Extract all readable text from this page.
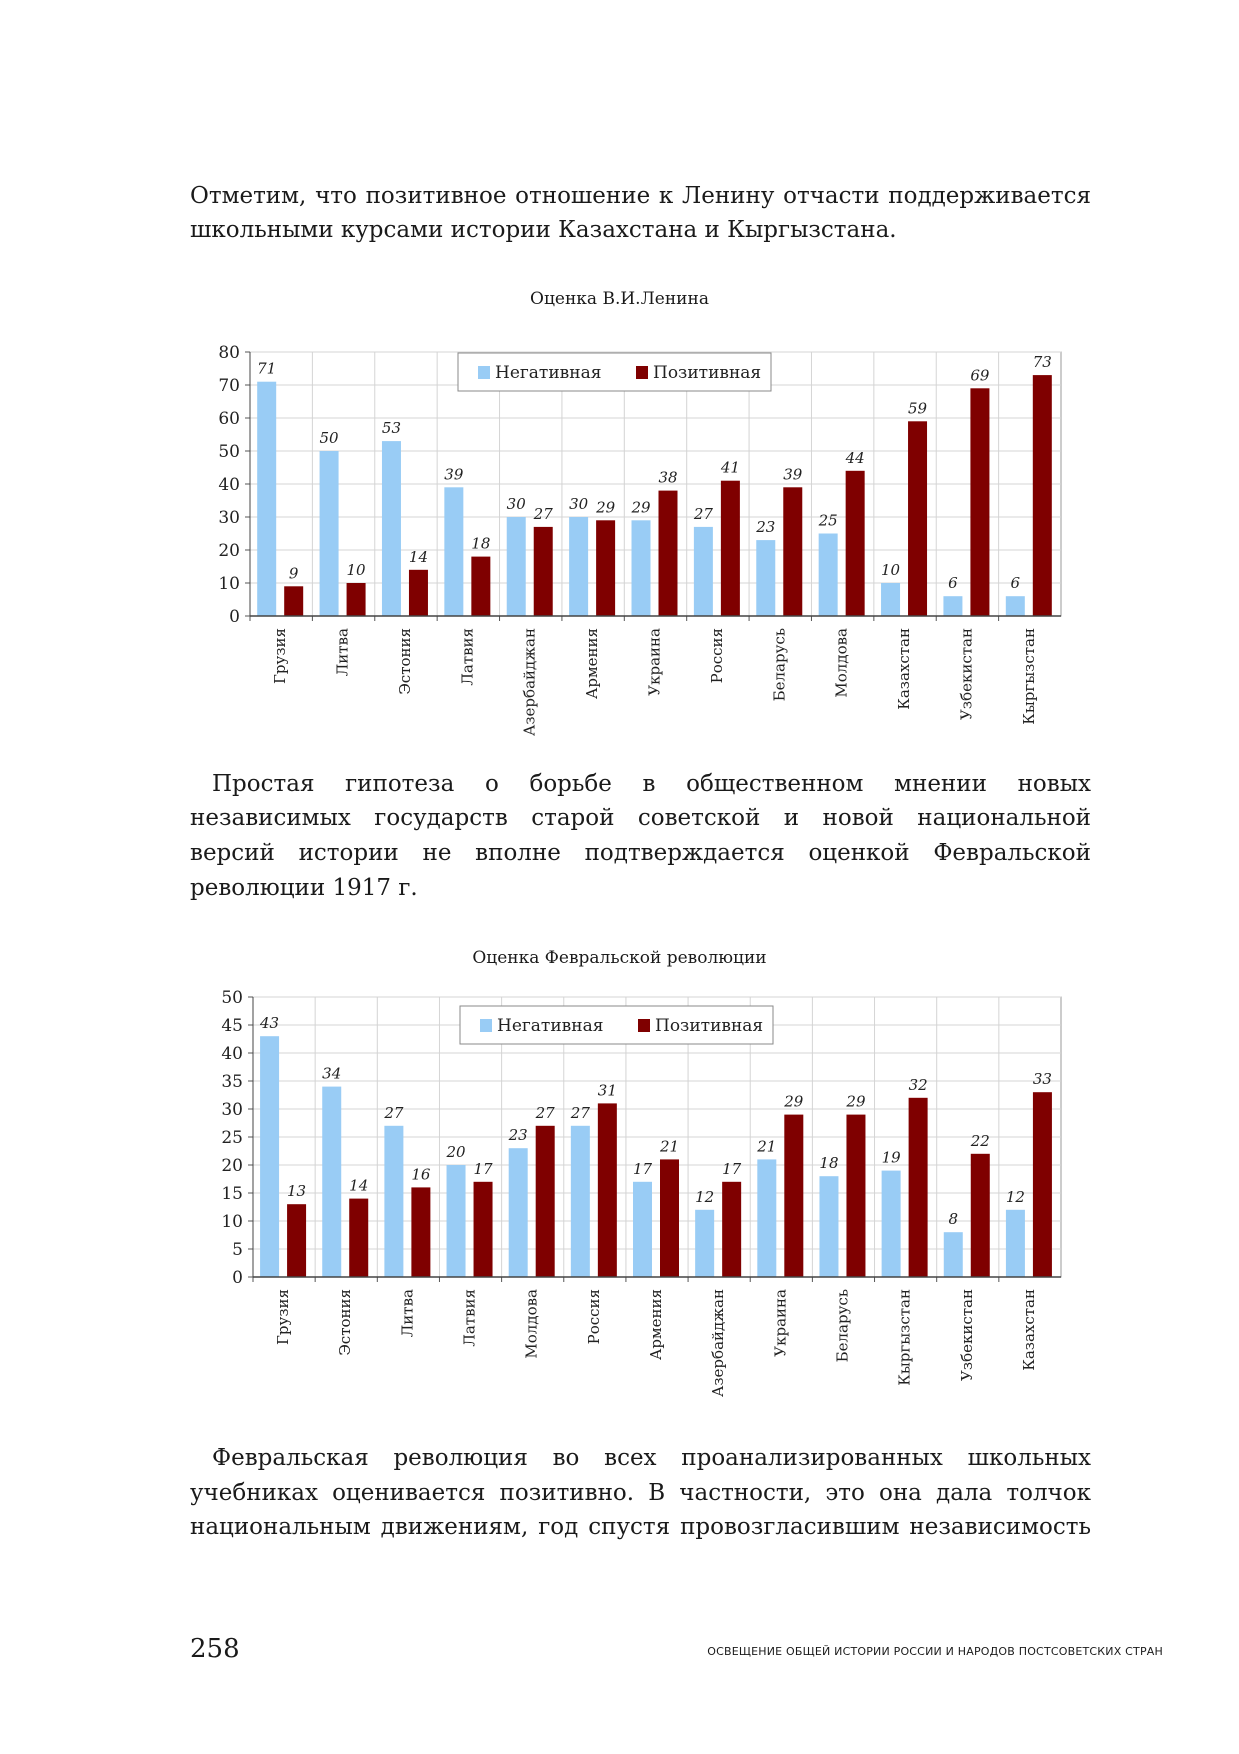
Отметим, что позитивное отношение к Ленину отчасти поддерживается
школьными курсами истории Казахстана и Кыргызстана.
Оценка В.И.Ленина
0
10
20
30
40
50
60
70
80
71
9
Грузия
50
10
Литва
53
14
Эстония
39
18
Латвия
30
27
Азербайджан
30 29
Армения
29
38
Украина
27
41
Россия
23
39
Беларусь
25
44
Молдова
10
59
Казахстан
6
69
Узбекистан
6
73
Кыргызстан
Негативная	Позитивная
Простая гипотеза о борьбе в общественном мнении новых
независимых государств старой советской и новой национальной
версий истории не вполне подтверждается оценкой Февральской
революции 1917 г.
Оценка Февральской революции
0
5
10
15
20
25
30
35
40
45
50
43
13
Грузия
34
14
Эстония
27
16
Литва
20
17
Латвия
23
27
Молдова
27
31
Россия
17
21
Армения
12
17
Азербайджан
21
29
Украина
18
29
Беларусь
19
32
Кыргызстан
8
22
Узбекистан
12
33
Казахстан
Негативная	Позитивная
Февральская революция во всех проанализированных школьных
учебниках оценивается позитивно. В частности, это она дала толчок
национальным движениям, год спустя провозгласившим независимость
258	ОСВЕЩЕНИЕ ОБЩЕЙ ИСТОРИИ РОССИИ И НАРОДОВ ПОСТСОВЕТСКИХ СТРАН
